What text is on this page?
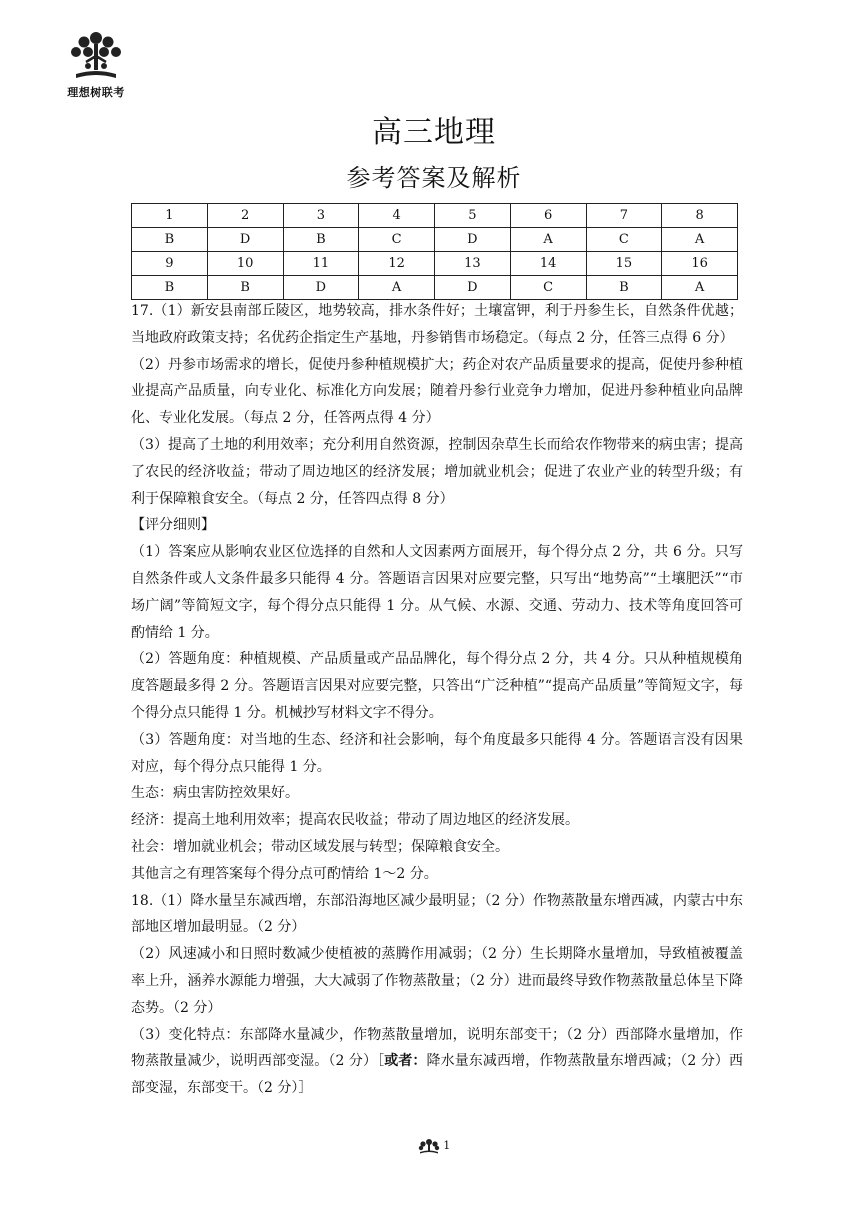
理想树联考
高三地理
参考答案及解析
1	2	3	4	5	6	7	8
B	D	B	C	D	A	C	A
9	10	11	12	13	14	15	16
B	B	D	A	D	C	B	A

17.（1）新安县南部丘陵区，地势较高，排水条件好；土壤富钾，利于丹参生长，自然条件优越；当地政府政策支持；名优药企指定生产基地，丹参销售市场稳定。（每点 2 分，任答三点得 6 分）

（2）丹参市场需求的增长，促使丹参种植规模扩大；药企对农产品质量要求的提高，促使丹参种植业提高产品质量，向专业化、标准化方向发展；随着丹参行业竞争力增加，促进丹参种植业向品牌化、专业化发展。（每点 2 分，任答两点得 4 分）

（3）提高了土地的利用效率；充分利用自然资源，控制因杂草生长而给农作物带来的病虫害；提高了农民的经济收益；带动了周边地区的经济发展；增加就业机会；促进了农业产业的转型升级；有利于保障粮食安全。（每点 2 分，任答四点得 8 分）

【评分细则】

（1）答案应从影响农业区位选择的自然和人文因素两方面展开，每个得分点 2 分，共 6 分。只写自然条件或人文条件最多只能得 4 分。答题语言因果对应要完整，只写出“地势高”“土壤肥沃”“市场广阔”等简短文字，每个得分点只能得 1 分。从气候、水源、交通、劳动力、技术等角度回答可酌情给 1 分。

（2）答题角度：种植规模、产品质量或产品品牌化，每个得分点 2 分，共 4 分。只从种植规模角度答题最多得 2 分。答题语言因果对应要完整，只答出“广泛种植”“提高产品质量”等简短文字，每个得分点只能得 1 分。机械抄写材料文字不得分。

（3）答题角度：对当地的生态、经济和社会影响，每个角度最多只能得 4 分。答题语言没有因果对应，每个得分点只能得 1 分。

生态：病虫害防控效果好。

经济：提高土地利用效率；提高农民收益；带动了周边地区的经济发展。

社会：增加就业机会；带动区域发展与转型；保障粮食安全。

其他言之有理答案每个得分点可酌情给 1～2 分。

18.（1）降水量呈东减西增，东部沿海地区减少最明显；（2 分）作物蒸散量东增西减，内蒙古中东部地区增加最明显。（2 分）

（2）风速减小和日照时数减少使植被的蒸腾作用减弱；（2 分）生长期降水量增加，导致植被覆盖率上升，涵养水源能力增强，大大减弱了作物蒸散量；（2 分）进而最终导致作物蒸散量总体呈下降态势。（2 分）

（3）变化特点：东部降水量减少，作物蒸散量增加，说明东部变干；（2 分）西部降水量增加，作物蒸散量减少，说明西部变湿。（2 分）［或者：降水量东减西增，作物蒸散量东增西减；（2 分）西部变湿，东部变干。（2 分）］

1
